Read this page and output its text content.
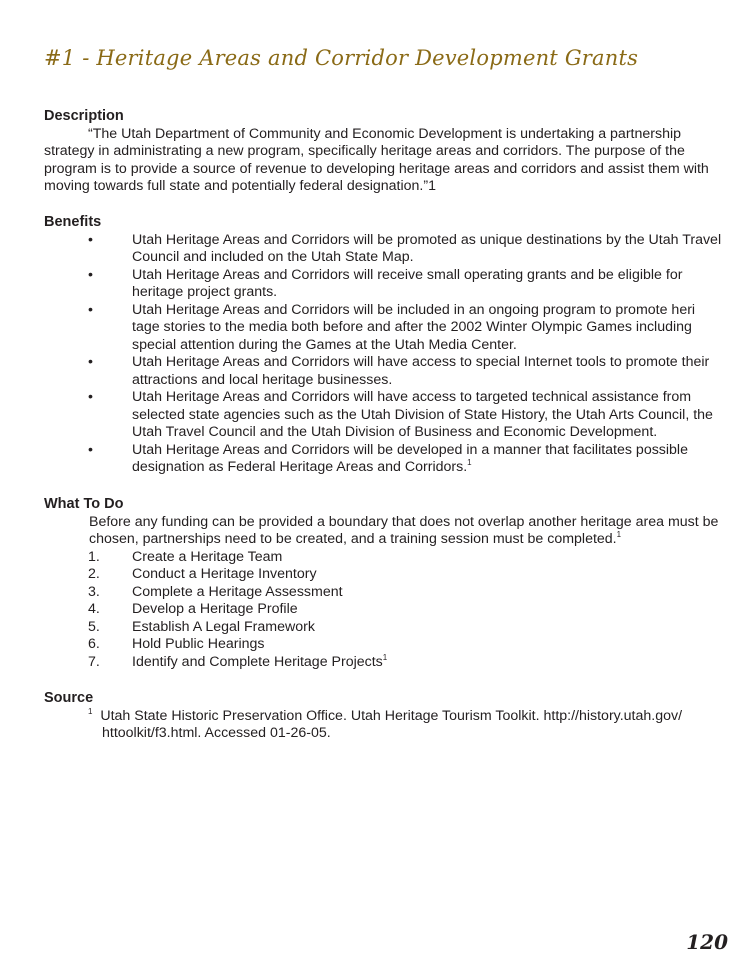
#1 - Heritage Areas and Corridor Development Grants
Description
“The Utah Department of Community and Economic Development is undertaking a partnership strategy in administrating a new program, specifically heritage areas and corridors. The purpose of the program is to provide a source of revenue to developing heritage areas and corridors and assist them with moving towards full state and potentially federal designation.”1
Benefits
•	Utah Heritage Areas and Corridors will be promoted as unique destinations by the Utah Travel Council and included on the Utah State Map.
•	Utah Heritage Areas and Corridors will receive small operating grants and be eligible for heritage project grants.
•	Utah Heritage Areas and Corridors will be included in an ongoing program to promote heri tage stories to the media both before and after the 2002 Winter Olympic Games including special attention during the Games at the Utah Media Center.
•	Utah Heritage Areas and Corridors will have access to special Internet tools to promote their attractions and local heritage businesses.
•	Utah Heritage Areas and Corridors will have access to targeted technical assistance from selected state agencies such as the Utah Division of State History, the Utah Arts Council, the Utah Travel Council and the Utah Division of Business and Economic Development.
•	Utah Heritage Areas and Corridors will be developed in a manner that facilitates possible designation as Federal Heritage Areas and Corridors.$^1$
What To Do
Before any funding can be provided a boundary that does not overlap another heritage area must be chosen, partnerships need to be created, and a training session must be completed.$^1$
1. Create a Heritage Team
2. Conduct a Heritage Inventory
3. Complete a Heritage Assessment
4. Develop a Heritage Profile
5. Establish A Legal Framework
6. Hold Public Hearings
7. Identify and Complete Heritage Projects$^1$
Source
$^1$ Utah State Historic Preservation Office. Utah Heritage Tourism Toolkit. http://history.utah.gov/ httoolkit/f3.html. Accessed 01-26-05.
120
